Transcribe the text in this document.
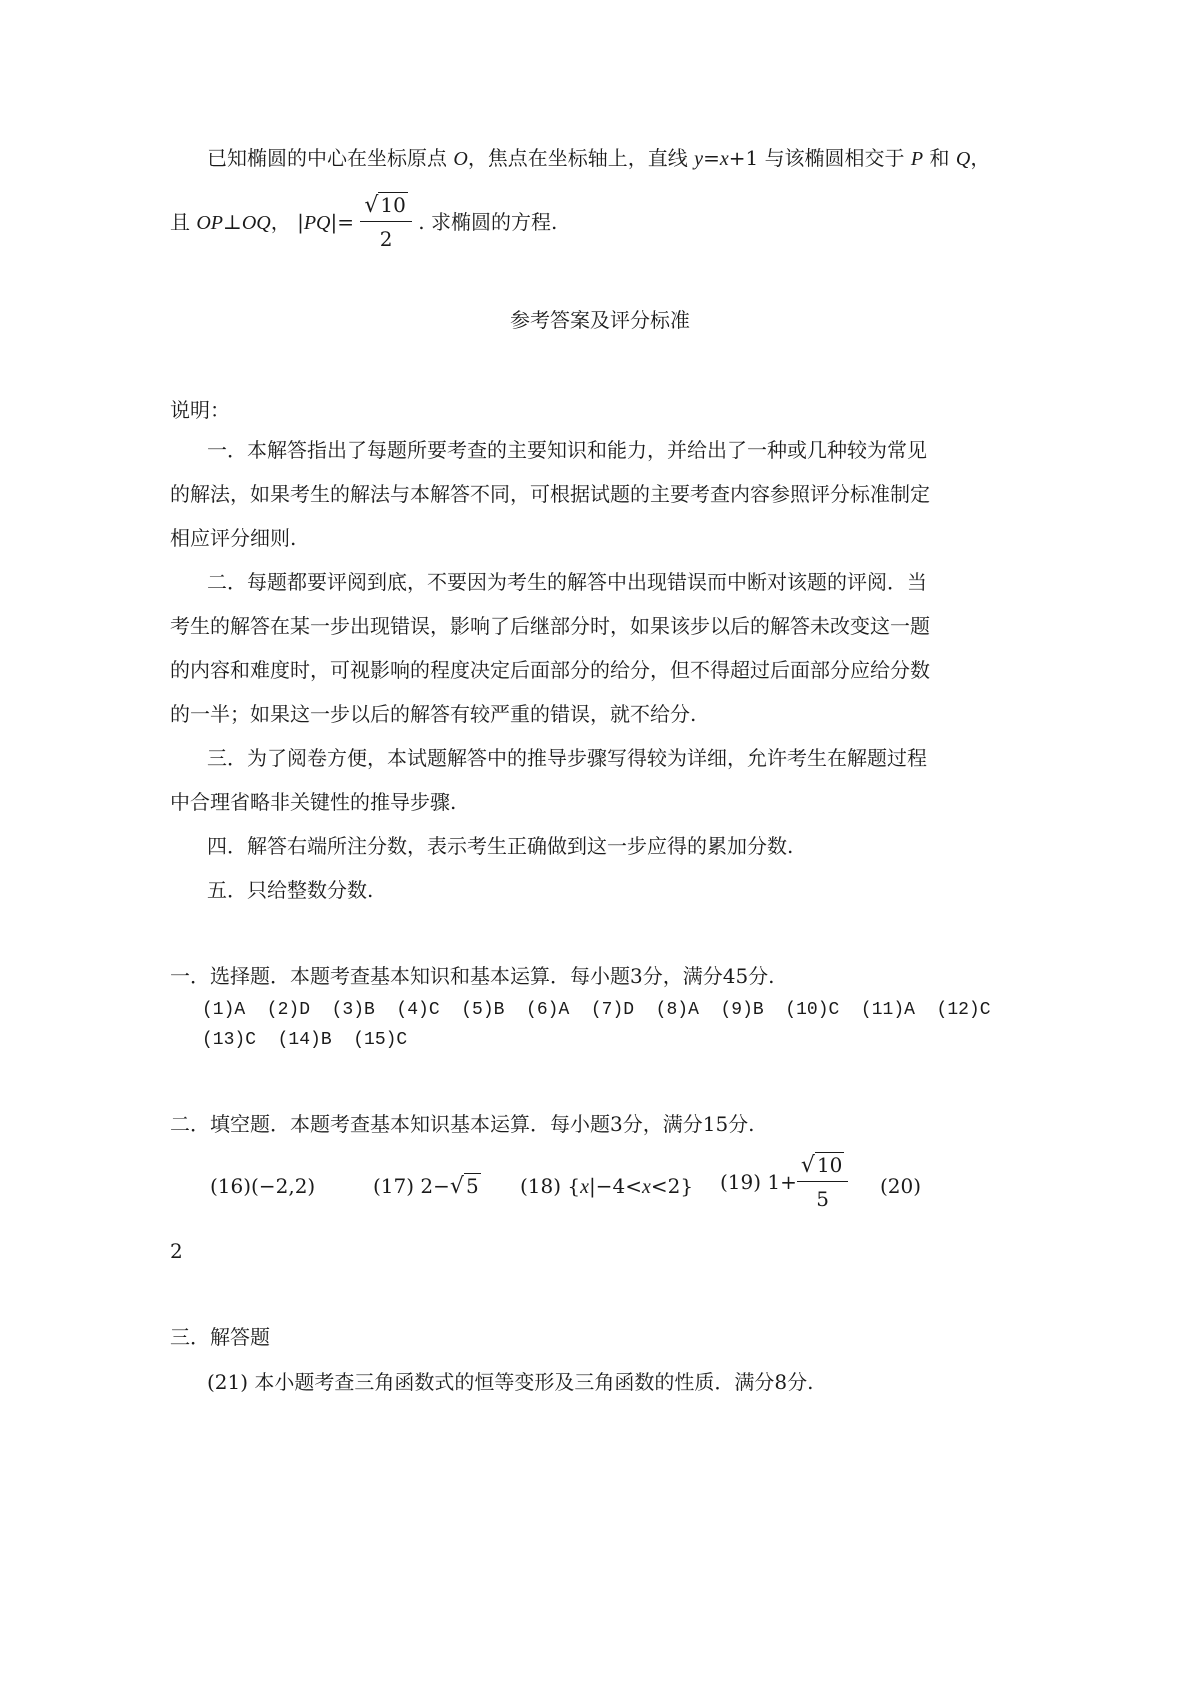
已知椭圆的中心在坐标原点 O，焦点在坐标轴上，直线 y=x+1 与该椭圆相交于 P 和 Q，
且 OP⊥OQ， $|PQ|= \frac{√ 10}{2}$ . 求椭圆的方程.
参考答案及评分标准
说明：
一．本解答指出了每题所要考查的主要知识和能力，并给出了一种或几种较为常见
的解法，如果考生的解法与本解答不同，可根据试题的主要考查内容参照评分标准制定
相应评分细则.
二．每题都要评阅到底，不要因为考生的解答中出现错误而中断对该题的评阅．当
考生的解答在某一步出现错误，影响了后继部分时，如果该步以后的解答未改变这一题
的内容和难度时，可视影响的程度决定后面部分的给分，但不得超过后面部分应给分数
的一半；如果这一步以后的解答有较严重的错误，就不给分.
三．为了阅卷方便，本试题解答中的推导步骤写得较为详细，允许考生在解题过程
中合理省略非关键性的推导步骤.
四．解答右端所注分数，表示考生正确做到这一步应得的累加分数.
五．只给整数分数.
一．选择题．本题考查基本知识和基本运算．每小题3分，满分45分.
(1)A  (2)D  (3)B  (4)C  (5)B  (6)A  (7)D  (8)A  (9)B  (10)C  (11)A  (12)C
(13)C  (14)B  (15)C
二．填空题．本题考查基本知识基本运算．每小题3分，满分15分.
(16)(−2,2)	(17) 2−√ 5 (18) {x|−4<x<2} (19) $1+ \frac{√ 10}{5} (20)$
2
三．解答题
(21) 本小题考查三角函数式的恒等变形及三角函数的性质．满分8分.
